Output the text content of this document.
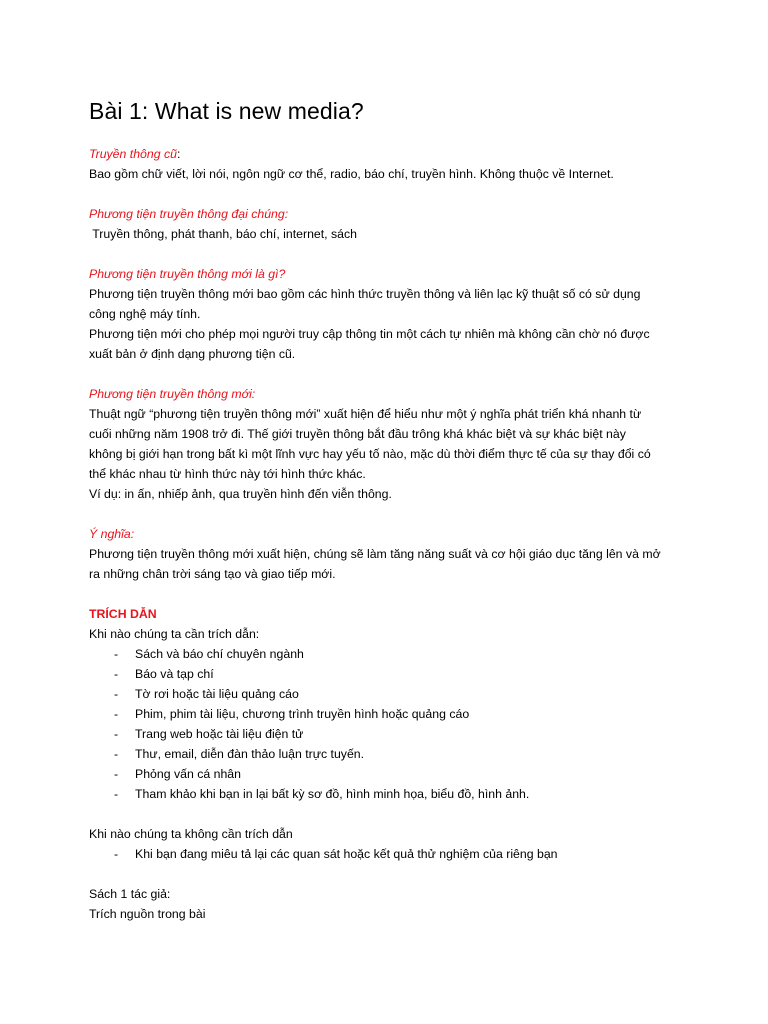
Bài 1: What is new media?

Truyền thông cũ:

Bao gồm chữ viết, lời nói, ngôn ngữ cơ thể, radio, báo chí, truyền hình. Không thuộc về Internet.

Phương tiện truyền thông đại chúng:

Truyền thông, phát thanh, báo chí, internet, sách

Phương tiện truyền thông mới là gì?

Phương tiện truyền thông mới bao gồm các hình thức truyền thông và liên lạc kỹ thuật số có sử dụng

công nghệ máy tính.

Phương tiện mới cho phép mọi người truy cập thông tin một cách tự nhiên mà không cần chờ nó được

xuất bản ở định dạng phương tiện cũ.

Phương tiện truyền thông mới:

Thuật ngữ “phương tiện truyền thông mới” xuất hiện để hiểu như một ý nghĩa phát triển khá nhanh từ

cuối những năm 1908 trở đi. Thế giới truyền thông bắt đầu trông khá khác biệt và sự khác biệt này

không bị giới hạn trong bất kì một lĩnh vực hay yếu tố nào, mặc dù thời điểm thực tế của sự thay đổi có

thể khác nhau từ hình thức này tới hình thức khác.

Ví dụ: in ấn, nhiếp ảnh, qua truyền hình đến viễn thông.

Ý nghĩa:

Phương tiện truyền thông mới xuất hiện, chúng sẽ làm tăng năng suất và cơ hội giáo dục tăng lên và mở

ra những chân trời sáng tạo và giao tiếp mới.

TRÍCH DẪN

Khi nào chúng ta cần trích dẫn:

- Sách và báo chí chuyên ngành
- Báo và tạp chí
- Tờ rơi hoặc tài liệu quảng cáo
- Phim, phim tài liệu, chương trình truyền hình hoặc quảng cáo
- Trang web hoặc tài liệu điện tử
- Thư, email, diễn đàn thảo luận trực tuyến.
- Phỏng vấn cá nhân
- Tham khảo khi bạn in lại bất kỳ sơ đồ, hình minh họa, biểu đồ, hình ảnh.

Khi nào chúng ta không cần trích dẫn

- Khi bạn đang miêu tả lại các quan sát hoặc kết quả thử nghiệm của riêng bạn

Sách 1 tác giả:

Trích nguồn trong bài
